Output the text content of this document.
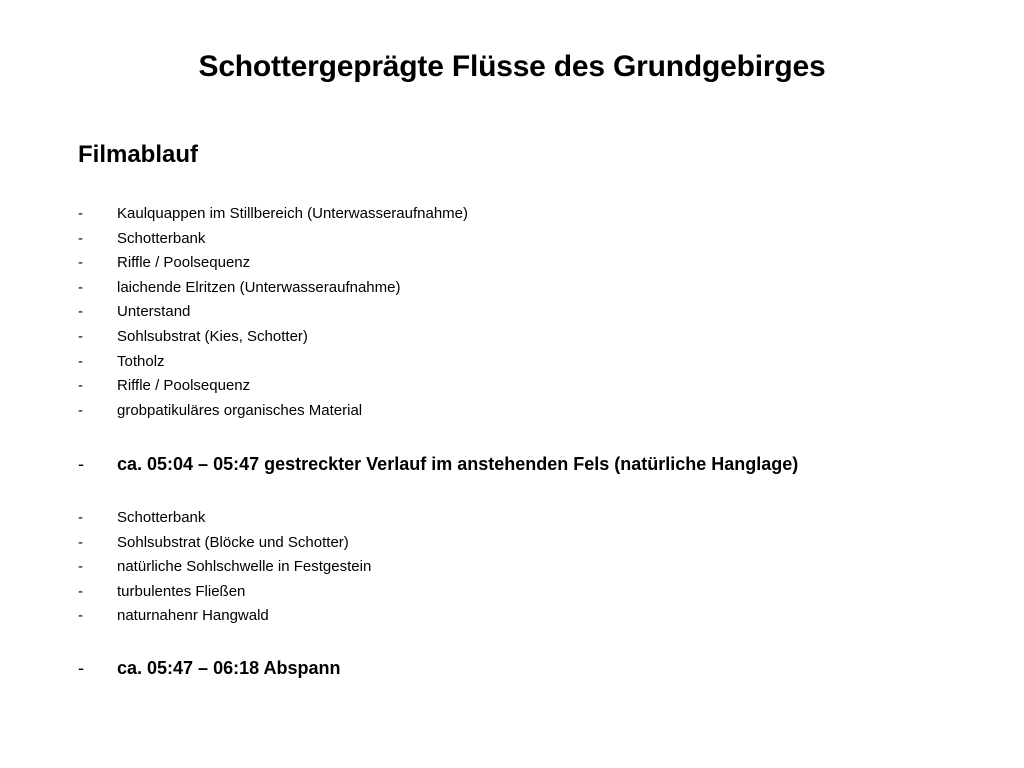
Schottergeprägte Flüsse des Grundgebirges
Filmablauf
- Kaulquappen im Stillbereich (Unterwasseraufnahme)
- Schotterbank
- Riffle / Poolsequenz
- laichende Elritzen (Unterwasseraufnahme)
- Unterstand
- Sohlsubstrat (Kies, Schotter)
- Totholz
- Riffle / Poolsequenz
- grobpatikuläres organisches Material
- ca. 05:04 – 05:47 gestreckter Verlauf im anstehenden Fels (natürliche Hanglage)
- Schotterbank
- Sohlsubstrat (Blöcke und Schotter)
- natürliche Sohlschwelle in Festgestein
- turbulentes Fließen
- naturnahenr Hangwald
- ca. 05:47 – 06:18 Abspann
